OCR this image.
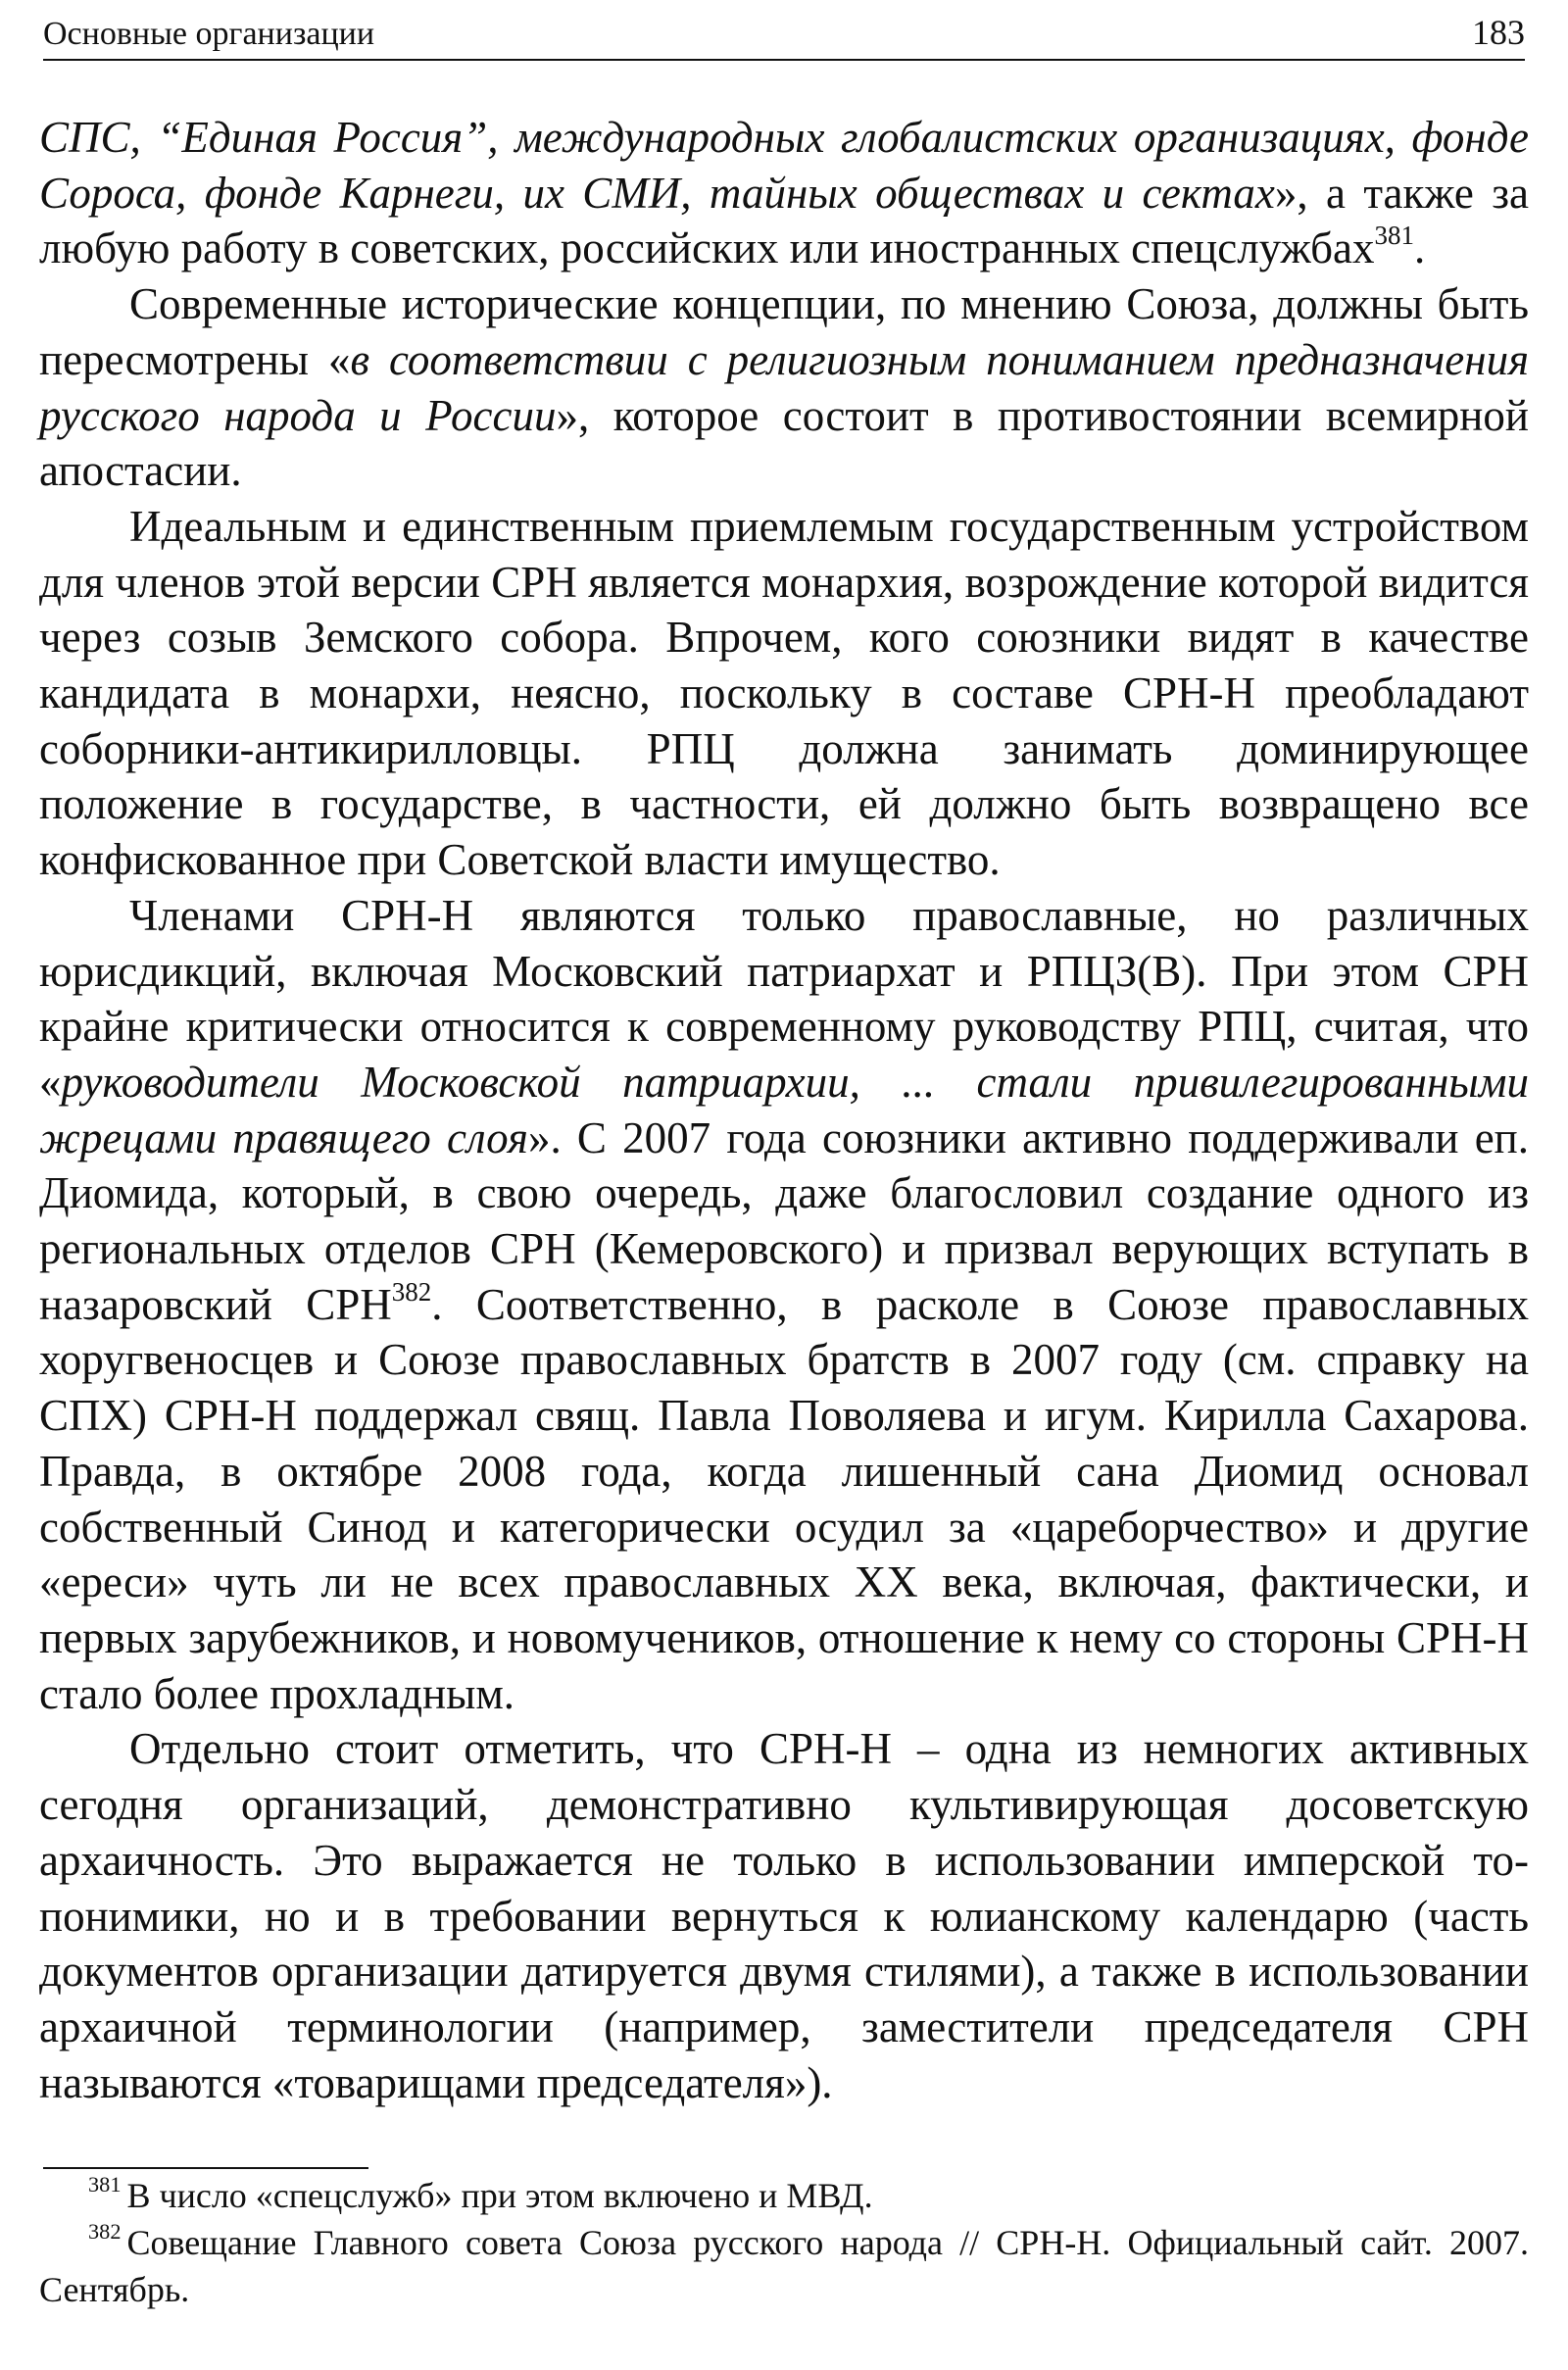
Основные организации	183

СПС, “Единая Россия”, международных глобалистских организациях, фонде Сороса, фонде Карнеги, их СМИ, тайных обществах и сектах», а также за любую работу в советских, российских или иностранных спецслужбах$^{381}$.

Современные исторические концепции, по мнению Союза, должны быть пересмотрены «в соответствии с религиозным пониманием предназначения русского народа и России», которое состоит в противостоянии всемирной апостасии.

Идеальным и единственным приемлемым государственным устройством для членов этой версии СРН является монархия, возрождение которой видится через созыв Земского собора. Впрочем, кого союзники видят в качестве кандидата в монархи, неясно, поскольку в составе СРН-Н преобладают соборники-антикирилловцы. РПЦ должна занимать доминирующее положение в государстве, в частности, ей должно быть возвращено все конфискованное при Советской власти имущество.

Членами СРН-Н являются только православные, но различных юрисдикций, включая Московский патриархат и РПЦЗ(В). При этом СРН крайне критически относится к современному руководству РПЦ, считая, что «руководители Московской патриархии, ... стали привилегированными жрецами правящего слоя». С 2007 года союзники активно поддерживали еп. Диомида, который, в свою очередь, даже благословил создание одного из региональных отделов СРН (Кемеровского) и призвал верующих вступать в назаровский СРН$^{382}$. Соответственно, в расколе в Союзе православных хоругвеносцев и Союзе православных братств в 2007 году (см. справку на СПХ) СРН-Н поддержал свящ. Павла Поволяева и игум. Кирилла Сахарова. Правда, в октябре 2008 года, когда лишенный сана Диомид основал собственный Синод и категорически осудил за «цареборчество» и другие «ереси» чуть ли не всех православных XX века, включая, фактически, и первых зарубежников, и новомучеников, отношение к нему со стороны СРН-Н стало более прохладным.

Отдельно стоит отметить, что СРН-Н – одна из немногих активных сегодня организаций, демонстративно культивирующая досоветскую архаичность. Это выражается не только в использовании имперской топонимики, но и в требовании вернуться к юлианскому календарю (часть документов организации датируется двумя стилями), а также в использовании архаичной терминологии (например, заместители председателя СРН называются «товарищами председателя»).

$^{381}$ В число «спецслужб» при этом включено и МВД.

$^{382}$ Совещание Главного совета Союза русского народа // СРН-Н. Официальный сайт. 2007. Сентябрь.
